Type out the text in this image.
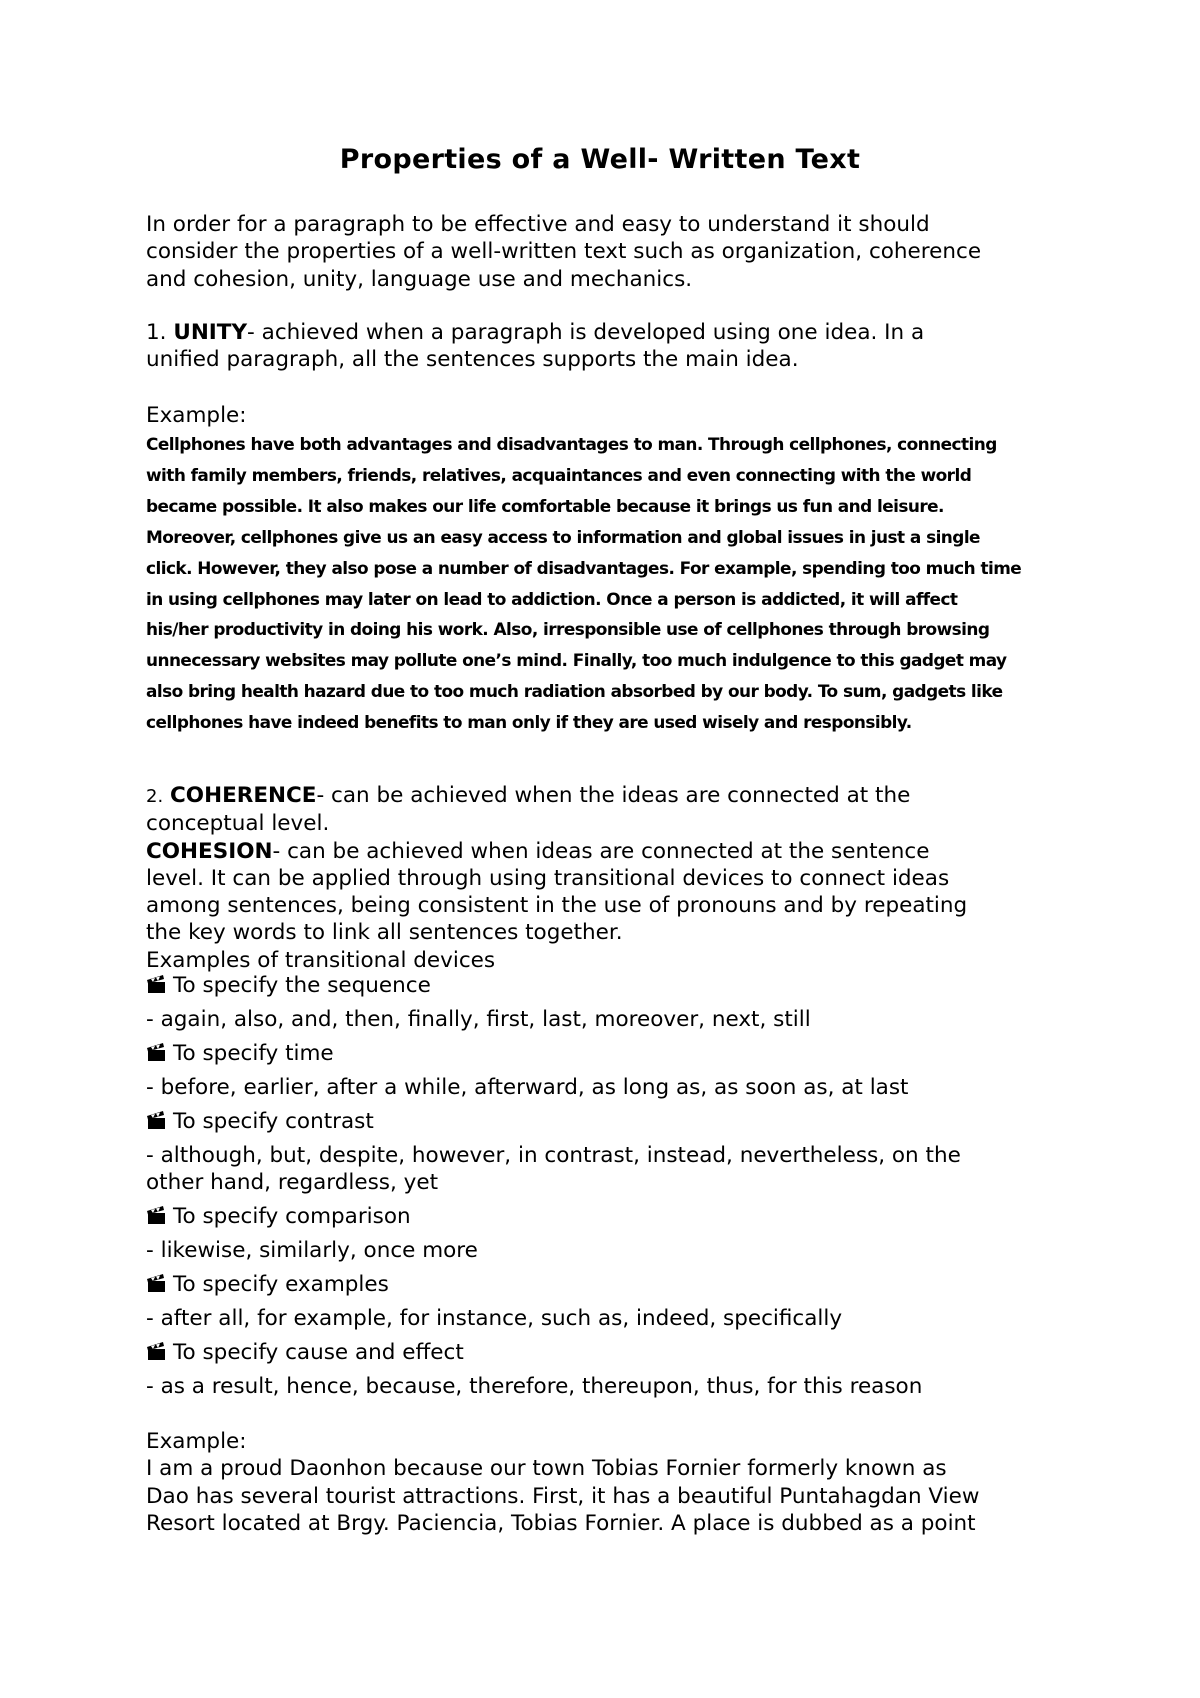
Properties of a Well- Written Text
In order for a paragraph to be effective and easy to understand it should
consider the properties of a well-written text such as organization, coherence
and cohesion, unity, language use and mechanics.
1. UNITY- achieved when a paragraph is developed using one idea. In a
unified paragraph, all the sentences supports the main idea.
Example:
Cellphones have both advantages and disadvantages to man. Through cellphones, connecting
with family members, friends, relatives, acquaintances and even connecting with the world
became possible. It also makes our life comfortable because it brings us fun and leisure.
Moreover, cellphones give us an easy access to information and global issues in just a single
click. However, they also pose a number of disadvantages. For example, spending too much time
in using cellphones may later on lead to addiction. Once a person is addicted, it will affect
his/her productivity in doing his work. Also, irresponsible use of cellphones through browsing
unnecessary websites may pollute one’s mind. Finally, too much indulgence to this gadget may
also bring health hazard due to too much radiation absorbed by our body. To sum, gadgets like
cellphones have indeed benefits to man only if they are used wisely and responsibly.
2. COHERENCE- can be achieved when the ideas are connected at the
conceptual level.
COHESION- can be achieved when ideas are connected at the sentence
level. It can be applied through using transitional devices to connect ideas
among sentences, being consistent in the use of pronouns and by repeating
the key words to link all sentences together.
Examples of transitional devices
To specify the sequence
- again, also, and, then, finally, first, last, moreover, next, still
To specify time
- before, earlier, after a while, afterward, as long as, as soon as, at last
To specify contrast
- although, but, despite, however, in contrast, instead, nevertheless, on the
other hand, regardless, yet
To specify comparison
- likewise, similarly, once more
To specify examples
- after all, for example, for instance, such as, indeed, specifically
To specify cause and effect
- as a result, hence, because, therefore, thereupon, thus, for this reason
Example:
I am a proud Daonhon because our town Tobias Fornier formerly known as
Dao has several tourist attractions. First, it has a beautiful Puntahagdan View
Resort located at Brgy. Paciencia, Tobias Fornier. A place is dubbed as a point
